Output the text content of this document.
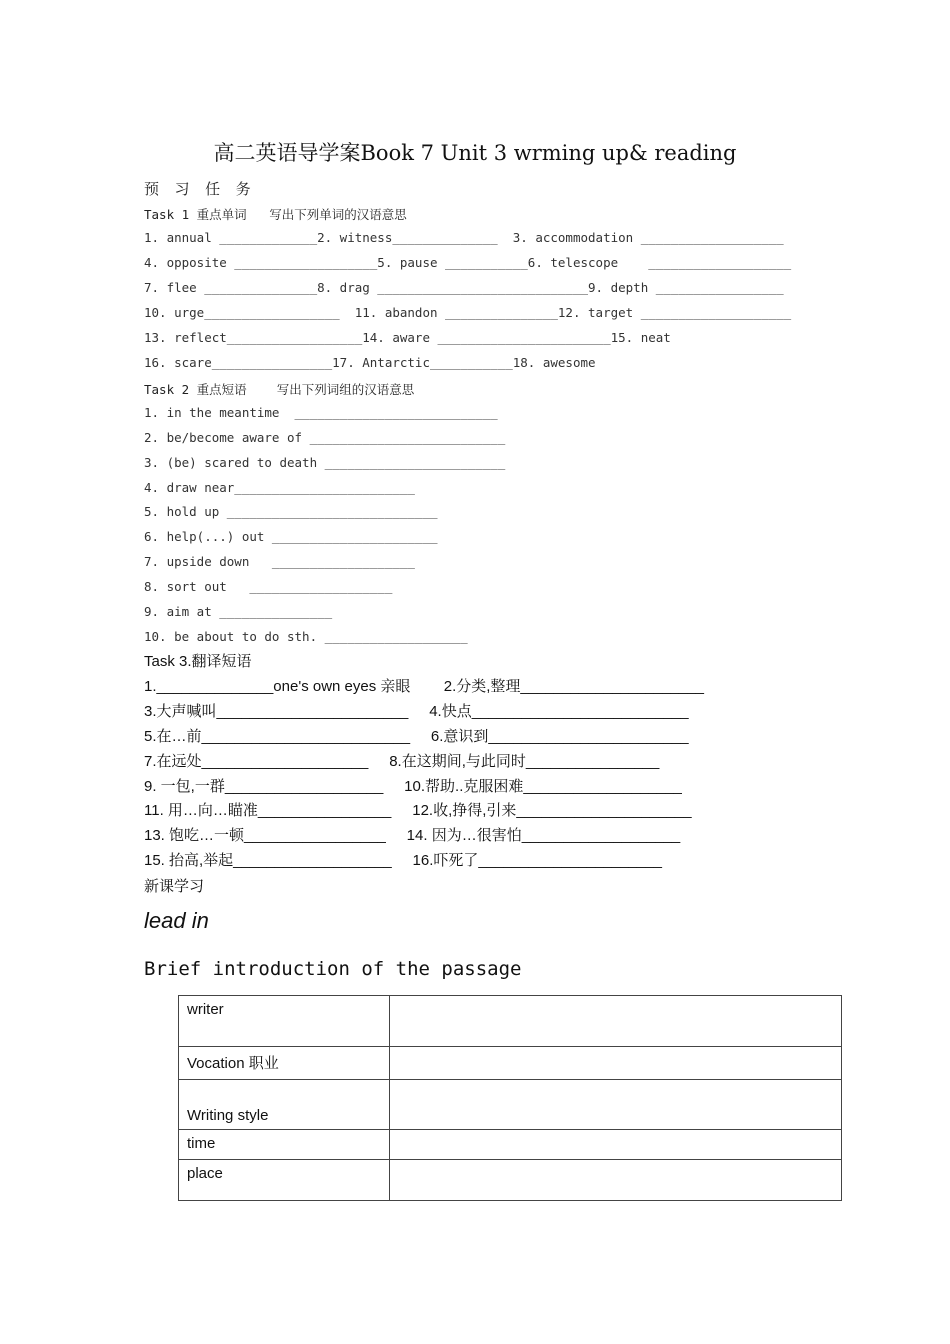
高二英语导学案Book 7 Unit 3 wrming up& reading
预  习  任  务
Task 1 重点单词   写出下列单词的汉语意思
1. annual _____________2. witness______________  3. accommodation ___________________
4. opposite ___________________5. pause ___________6. telescope    ___________________
7. flee _______________8. drag ____________________________9. depth _________________
10. urge__________________  11. abandon _______________12. target ____________________
13. reflect__________________14. aware _______________________15. neat
16. scare________________17. Antarctic___________18. awesome
Task 2 重点短语    写出下列词组的汉语意思
1. in the meantime  ___________________________
2. be/become aware of __________________________
3. (be) scared to death ________________________
4. draw near________________________
5. hold up ____________________________
6. help(...) out ______________________
7. upside down   ___________________
8. sort out   ___________________
9. aim at _______________
10. be about to do sth. ___________________
Task 3.翻译短语
1.______________one's own eyes 亲眼        2.分类,整理______________________
3.大声喊叫_______________________     4.快点__________________________
5.在…前_________________________     6.意识到________________________
7.在远处____________________     8.在这期间,与此同时________________
9. 一包,一群___________________     10.帮助..克服困难___________________
11. 用…向…瞄准________________     12.收,挣得,引来_____________________
13. 饱吃…一顿_________________     14. 因为…很害怕___________________
15. 抬高,举起___________________     16.吓死了______________________
新课学习
lead in
Brief introduction of the passage
writer	
Vocation 职业	
Writing style	
time	
place	
